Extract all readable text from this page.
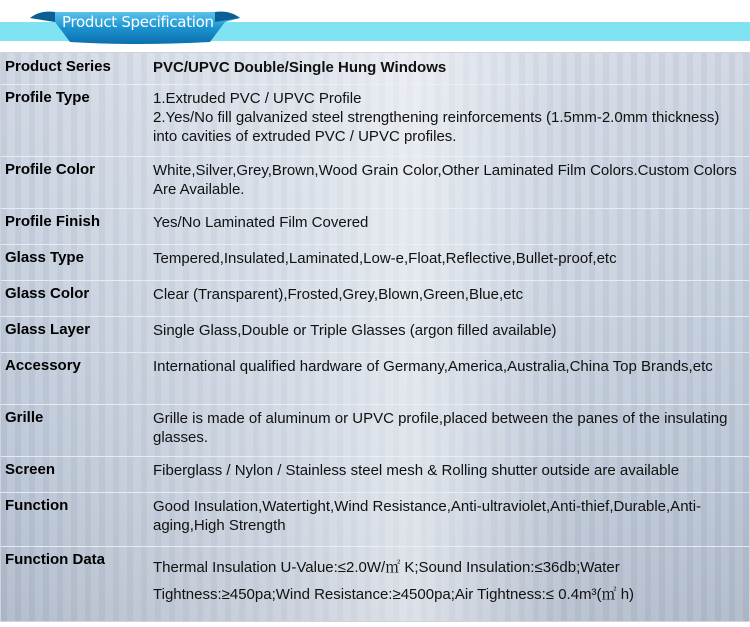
Product Specification
Product Series	PVC/UPVC Double/Single Hung Windows
Profile Type	1.Extruded PVC / UPVC Profile
2.Yes/No fill galvanized steel strengthening reinforcements (1.5mm-2.0mm thickness) into cavities of extruded PVC / UPVC profiles.
Profile Color	White,Silver,Grey,Brown,Wood Grain Color,Other Laminated Film Colors.Custom Colors Are Available.
Profile Finish	Yes/No Laminated Film Covered
Glass Type	Tempered,Insulated,Laminated,Low-e,Float,Reflective,Bullet-proof,etc
Glass Color	Clear (Transparent),Frosted,Grey,Blown,Green,Blue,etc
Glass Layer	Single Glass,Double or Triple Glasses (argon filled available)
Accessory	International qualified hardware of Germany,America,Australia,China Top Brands,etc
Grille	Grille is made of aluminum or UPVC profile,placed between the panes of the insulating glasses.
Screen	Fiberglass / Nylon / Stainless steel mesh & Rolling shutter outside are available
Function	Good Insulation,Watertight,Wind Resistance,Anti-ultraviolet,Anti-thief,Durable,Anti-aging,High Strength
Function Data	Thermal Insulation U-Value:≤2.0W/㎡ K;Sound Insulation:≤36db;Water Tightness:≥450pa;Wind Resistance:≥4500pa;Air Tightness:≤ 0.4m³(㎡ h)
